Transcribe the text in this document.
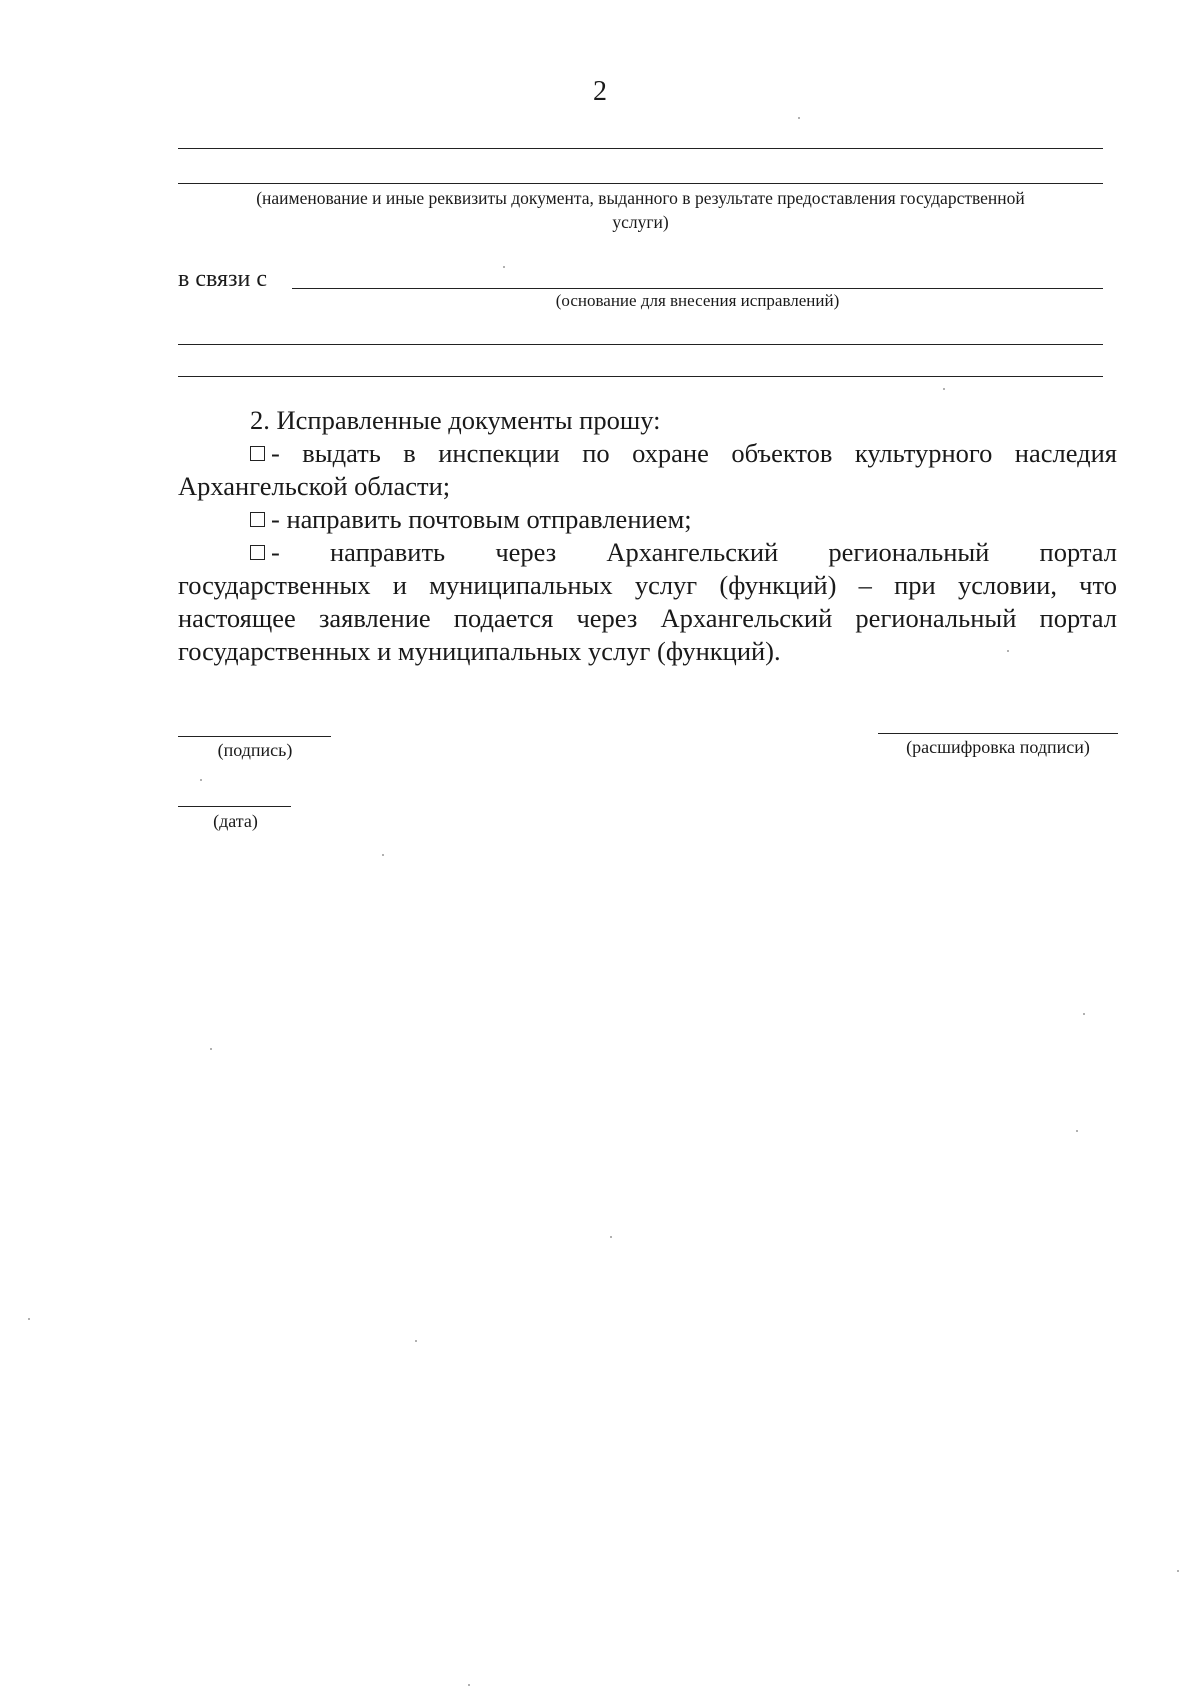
2
(наименование и иные реквизиты документа, выданного в результате предоставления государственной
услуги)
в связи с
(основание для внесения исправлений)
2. Исправленные документы прошу:
- выдать в инспекции по охране объектов культурного наследия
Архангельской области;
- направить почтовым отправлением;
- направить через Архангельский региональный портал
государственных и муниципальных услуг (функций) – при условии, что
настоящее заявление подается через Архангельский региональный портал
государственных и муниципальных услуг (функций).
(подпись)	(расшифровка подписи)
(дата)
